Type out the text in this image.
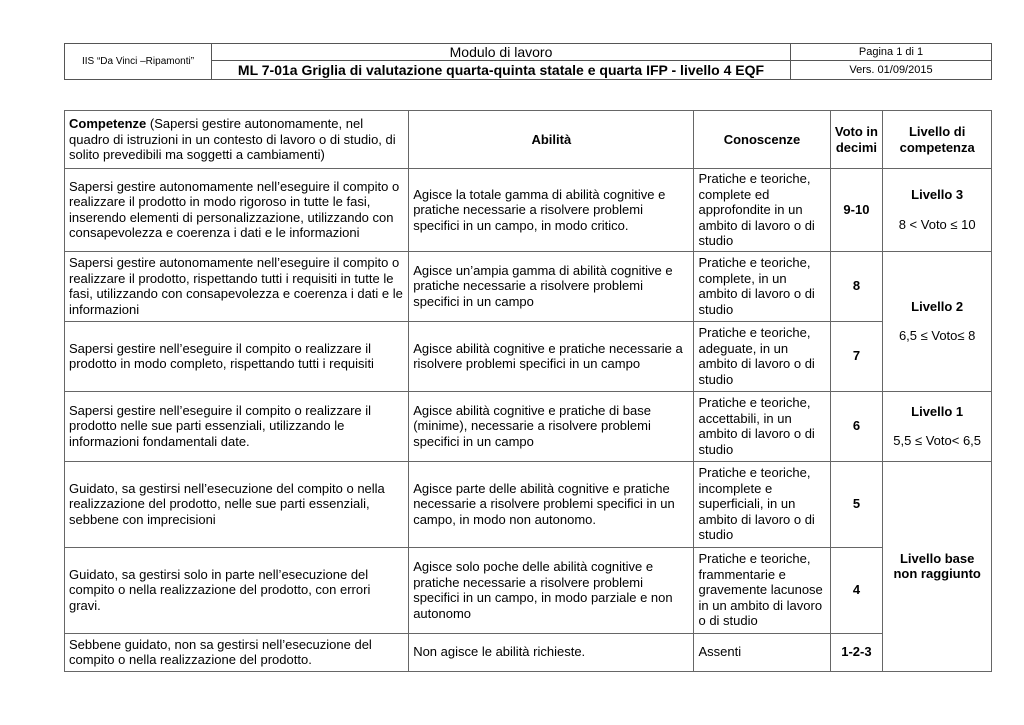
IIS “Da Vinci –Ripamonti”	Modulo di lavoro	Pagina 1 di 1
	ML 7-01a Griglia di valutazione quarta-quinta statale e quarta IFP - livello 4 EQF	Vers. 01/09/2015
Competenze (Sapersi gestire autonomamente, nel quadro di istruzioni in un contesto di lavoro o di studio, di solito prevedibili ma soggetti a cambiamenti)	Abilità	Conoscenze	Voto in decimi	Livello di competenza
Sapersi gestire autonomamente nell’eseguire il compito o realizzare il prodotto in modo rigoroso in tutte le fasi, inserendo elementi di personalizzazione, utilizzando con consapevolezza e coerenza i dati e le informazioni	Agisce la totale gamma di abilità cognitive e pratiche necessarie a risolvere problemi specifici in un campo, in modo critico.	Pratiche e teoriche, complete ed approfondite in un ambito di lavoro o di studio	9-10	Livello 3
8 < Voto ≤ 10

Sapersi gestire autonomamente nell’eseguire il compito o realizzare il prodotto, rispettando tutti i requisiti in tutte le fasi, utilizzando con consapevolezza e coerenza i dati e le informazioni	Agisce un’ampia gamma di abilità cognitive e pratiche necessarie a risolvere problemi specifici in un campo	Pratiche e teoriche, complete, in un ambito di lavoro o di studio	8	Livello 2
6,5 ≤ Voto≤ 8

Sapersi gestire nell’eseguire il compito o realizzare il prodotto in modo completo, rispettando tutti i requisiti	Agisce abilità cognitive e pratiche necessarie a risolvere problemi specifici in un campo	Pratiche e teoriche, adeguate, in un ambito di lavoro o di studio	7	
Sapersi gestire nell’eseguire il compito o realizzare il prodotto nelle sue parti essenziali, utilizzando le informazioni fondamentali date.	Agisce abilità cognitive e pratiche di base (minime), necessarie a risolvere problemi specifici in un campo	Pratiche e teoriche, accettabili, in un ambito di lavoro o di studio	6	Livello 1
5,5 ≤ Voto< 6,5

Guidato, sa gestirsi nell’esecuzione del compito o nella realizzazione del prodotto, nelle sue parti essenziali, sebbene con imprecisioni	Agisce parte delle abilità cognitive e pratiche necessarie a risolvere problemi specifici in un campo, in modo non autonomo.	Pratiche e teoriche, incomplete e superficiali, in un ambito di lavoro o di studio	5	Livello base non raggiunto

Guidato, sa gestirsi solo in parte nell’esecuzione del compito o nella realizzazione del prodotto, con errori gravi.	Agisce solo poche delle abilità cognitive e pratiche necessarie a risolvere problemi specifici in un campo, in modo parziale e non autonomo	Pratiche e teoriche, frammentarie e gravemente lacunose in un ambito di lavoro o di studio	4	
Sebbene guidato, non sa gestirsi nell’esecuzione del compito o nella realizzazione del prodotto.	Non agisce le abilità richieste.	Assenti	1-2-3	
